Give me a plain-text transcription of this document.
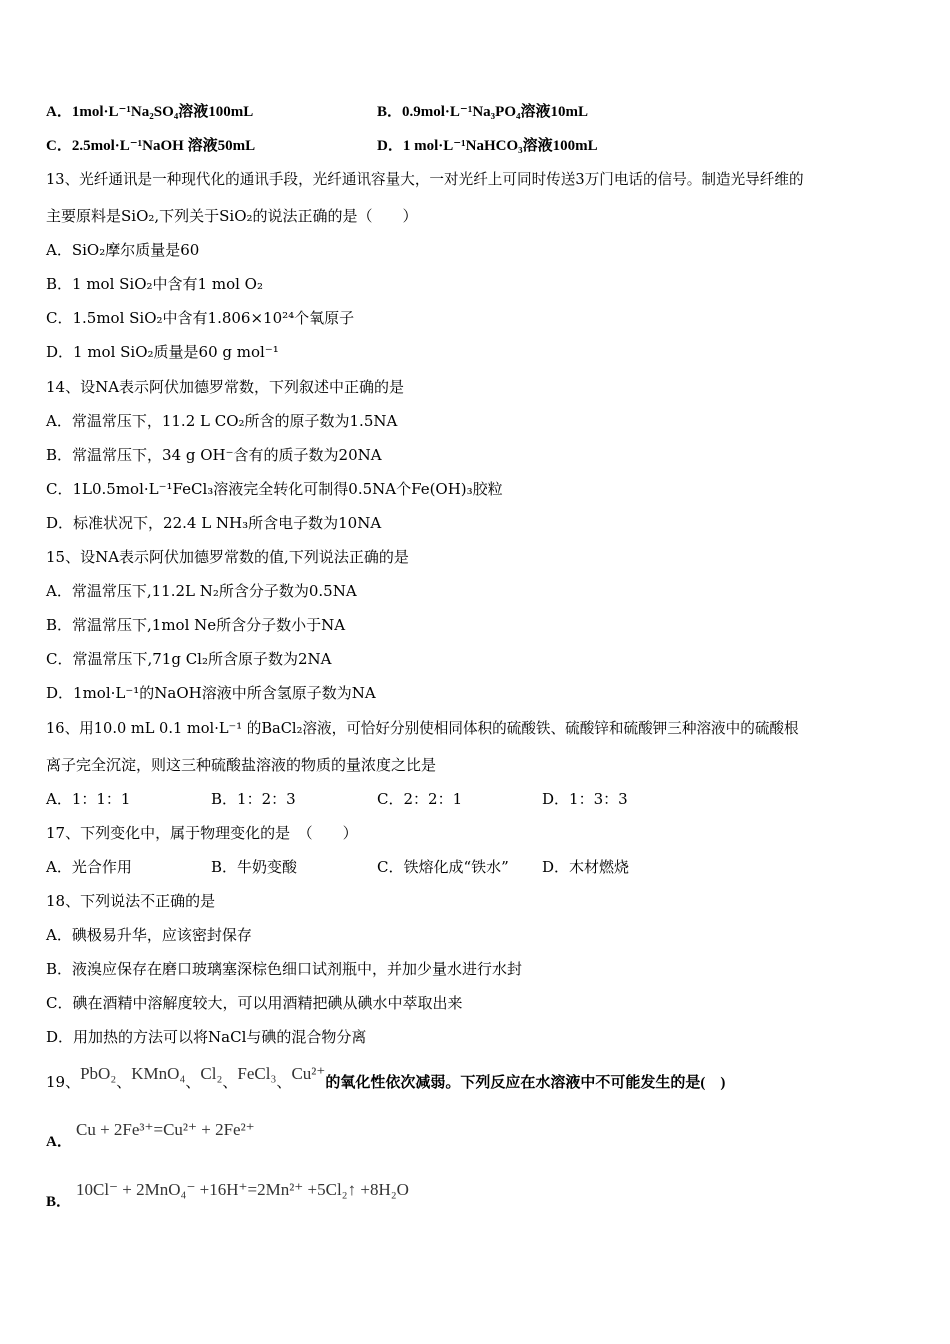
A．1mol·L⁻¹Na₂SO₄溶液100mL	B．0.9mol·L⁻¹Na₃PO₄溶液10mL
C．2.5mol·L⁻¹NaOH 溶液50mL	D．1 mol·L⁻¹NaHCO₃溶液100mL
13、光纤通讯是一种现代化的通讯手段，光纤通讯容量大，一对光纤上可同时传送3万门电话的信号。制造光导纤维的
主要原料是SiO₂,下列关于SiO₂的说法正确的是（　　）
A．SiO₂摩尔质量是60
B．1 mol SiO₂中含有1 mol O₂
C．1.5mol SiO₂中含有1.806×10²⁴个氧原子
D．1 mol SiO₂质量是60 g mol⁻¹
14、设NA表示阿伏加德罗常数，下列叙述中正确的是
A．常温常压下，11.2 L CO₂所含的原子数为1.5NA
B．常温常压下，34 g OH⁻含有的质子数为20NA
C．1L0.5mol·L⁻¹FeCl₃溶液完全转化可制得0.5NA个Fe(OH)₃胶粒
D．标准状况下，22.4 L NH₃所含电子数为10NA
15、设NA表示阿伏加德罗常数的值,下列说法正确的是
A．常温常压下,11.2L N₂所含分子数为0.5NA
B．常温常压下,1mol Ne所含分子数小于NA
C．常温常压下,71g Cl₂所含原子数为2NA
D．1mol·L⁻¹的NaOH溶液中所含氢原子数为NA
16、用10.0 mL 0.1 mol·L⁻¹ 的BaCl₂溶液，可恰好分别使相同体积的硫酸铁、硫酸锌和硫酸钾三种溶液中的硫酸根
离子完全沉淀，则这三种硫酸盐溶液的物质的量浓度之比是
A．1：1：1	B．1：2：3	C．2：2：1	D．1：3：3
17、下列变化中，属于物理变化的是　（　　）
A．光合作用	B．牛奶变酸	C．铁熔化成“铁水” D．木材燃烧
18、下列说法不正确的是
A．碘极易升华，应该密封保存
B．液溴应保存在磨口玻璃塞深棕色细口试剂瓶中，并加少量水进行水封
C．碘在酒精中溶解度较大，可以用酒精把碘从碘水中萃取出来
D．用加热的方法可以将NaCl与碘的混合物分离
19、PbO₂、KMnO₄、Cl₂、FeCl₃、Cu²⁺的氧化性依次减弱。下列反应在水溶液中不可能发生的是(　)
A．
Cu + 2Fe³⁺=Cu²⁺ + 2Fe²⁺
B．
10Cl⁻ + 2MnO₄⁻ +16H⁺=2Mn²⁺ +5Cl₂↑ +8H₂O
